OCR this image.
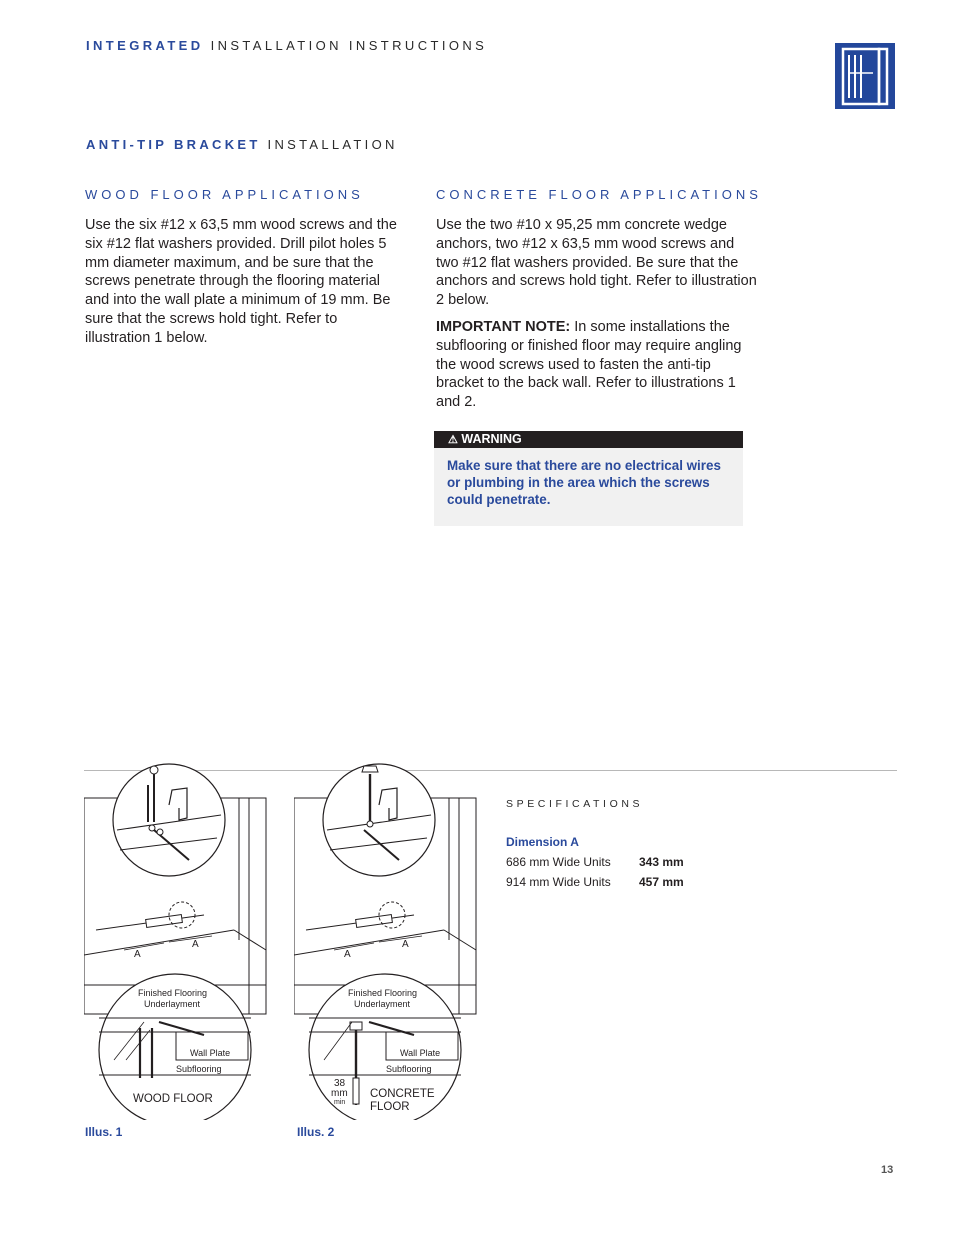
INTEGRATED INSTALLATION INSTRUCTIONS
ANTI-TIP BRACKET INSTALLATION
WOOD FLOOR APPLICATIONS

Use the six #12 x 63,5 mm wood screws and the six #12 flat washers provided. Drill pilot holes 5 mm diameter maximum, and be sure that the screws penetrate through the flooring material and into the wall plate a minimum of 19 mm. Be sure that the screws hold tight. Refer to illustration 1 below.

CONCRETE FLOOR APPLICATIONS

Use the two #10 x 95,25 mm concrete wedge anchors, two #12 x 63,5 mm wood screws and two #12 flat washers provided. Be sure that the anchors and screws hold tight. Refer to illustration 2 below.

IMPORTANT NOTE: In some installations the subflooring or finished floor may require angling the wood screws used to fasten the anti-tip bracket to the back wall. Refer to illustrations 1 and 2.

⚠ WARNING
Make sure that there are no electrical wires or plumbing in the area which the screws could penetrate.
A
A
Finished Flooring
Underlayment
Wall Plate
Subflooring
WOOD FLOOR
A
A
Finished Flooring
Underlayment
Wall Plate
Subflooring
38
mm
min
CONCRETE
FLOOR
Illus. 1	Illus. 2
SPECIFICATIONS
Dimension A
686 mm Wide Units 343 mm
914 mm Wide Units 457 mm
13
